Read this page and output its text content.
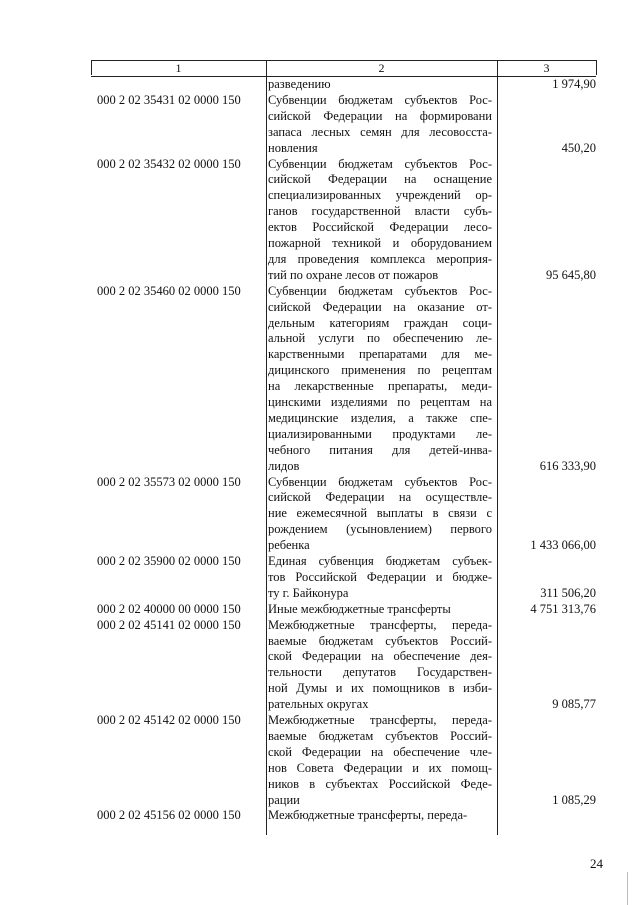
1	2	3
разведению	1 974,90
000 2 02 35431 02 0000 150	Субвенции бюджетам субъектов Рос-
сийской Федерации на формировани
запаса лесных семян для лесовосста-
новления	450,20
000 2 02 35432 02 0000 150	Субвенции бюджетам субъектов Рос-
сийской Федерации на оснащение
специализированных учреждений ор-
ганов государственной власти субъ-
ектов Российской Федерации лесо-
пожарной техникой и оборудованием
для проведения комплекса мероприя-
тий по охране лесов от пожаров	95 645,80
000 2 02 35460 02 0000 150	Субвенции бюджетам субъектов Рос-
сийской Федерации на оказание от-
дельным категориям граждан соци-
альной услуги по обеспечению ле-
карственными препаратами для ме-
дицинского применения по рецептам
на лекарственные препараты, меди-
цинскими изделиями по рецептам на
медицинские изделия, а также спе-
циализированными продуктами ле-
чебного питания для детей-инва-
лидов	616 333,90
000 2 02 35573 02 0000 150	Субвенции бюджетам субъектов Рос-
сийской Федерации на осуществле-
ние ежемесячной выплаты в связи с
рождением (усыновлением) первого
ребенка	1 433 066,00
000 2 02 35900 02 0000 150	Единая субвенция бюджетам субъек-
тов Российской Федерации и бюдже-
ту г. Байконура	311 506,20
000 2 02 40000 00 0000 150	Иные межбюджетные трансферты	4 751 313,76
000 2 02 45141 02 0000 150	Межбюджетные трансферты, переда-
ваемые бюджетам субъектов Россий-
ской Федерации на обеспечение дея-
тельности депутатов Государствен-
ной Думы и их помощников в изби-
рательных округах	9 085,77
000 2 02 45142 02 0000 150	Межбюджетные трансферты, переда-
ваемые бюджетам субъектов Россий-
ской Федерации на обеспечение чле-
нов Совета Федерации и их помощ-
ников в субъектах Российской Феде-
рации	1 085,29
000 2 02 45156 02 0000 150	Межбюджетные трансферты, переда-
24
